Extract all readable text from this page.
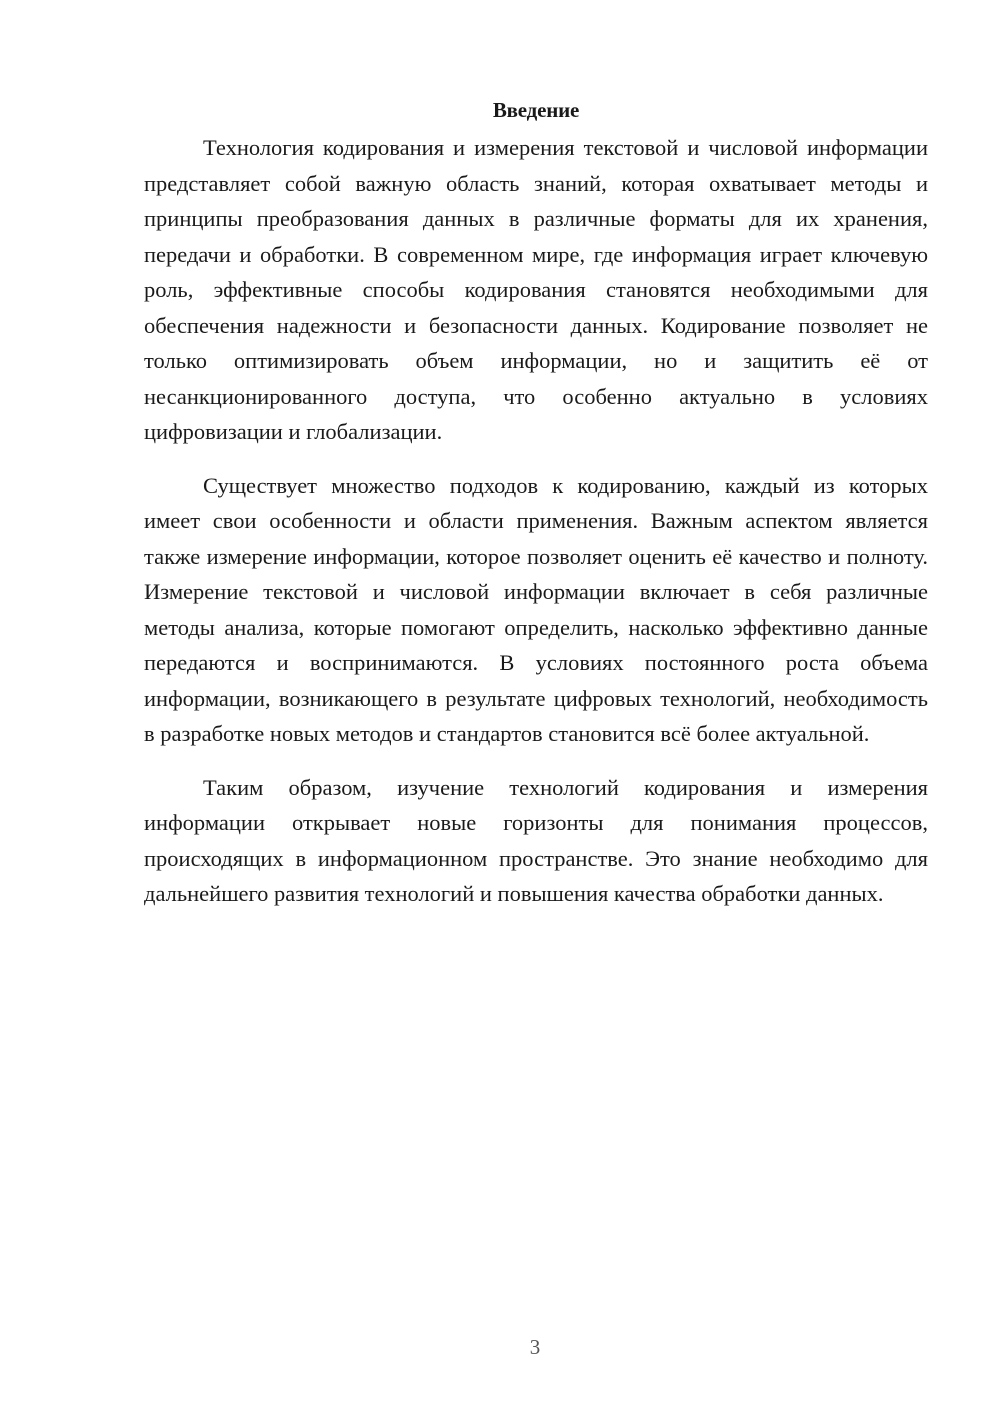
Введение

Технология кодирования и измерения текстовой и числовой информации представляет собой важную область знаний, которая охватывает методы и принципы преобразования данных в различные форматы для их хранения, передачи и обработки. В современном мире, где информация играет ключевую роль, эффективные способы кодирования становятся необходимыми для обеспечения надежности и безопасности данных. Кодирование позволяет не только оптимизировать объем информации, но и защитить её от несанкционированного доступа, что особенно актуально в условиях цифровизации и глобализации.

Существует множество подходов к кодированию, каждый из которых имеет свои особенности и области применения. Важным аспектом является также измерение информации, которое позволяет оценить её качество и полноту. Измерение текстовой и числовой информации включает в себя различные методы анализа, которые помогают определить, насколько эффективно данные передаются и воспринимаются. В условиях постоянного роста объема информации, возникающего в результате цифровых технологий, необходимость в разработке новых методов и стандартов становится всё более актуальной.

Таким образом, изучение технологий кодирования и измерения информации открывает новые горизонты для понимания процессов, происходящих в информационном пространстве. Это знание необходимо для дальнейшего развития технологий и повышения качества обработки данных.

3
